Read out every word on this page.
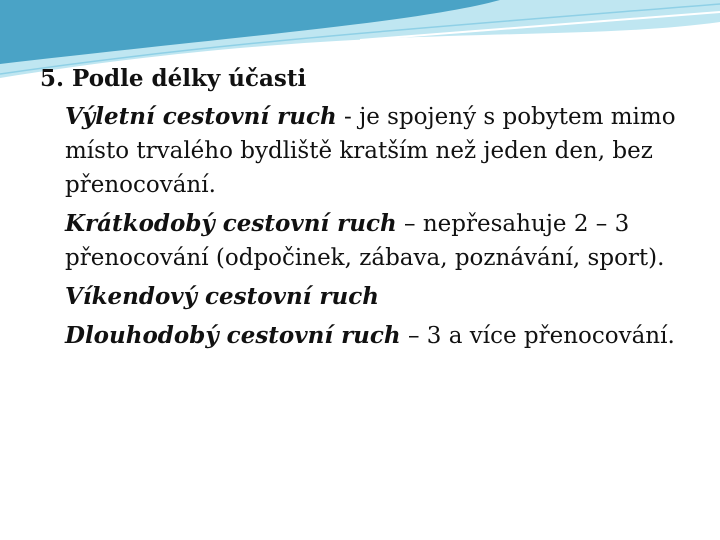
5. Podle délky účasti
Výletní cestovní ruch - je spojený s pobytem mimo místo trvalého bydliště kratším než jeden den, bez přenocování.
Krátkodobý cestovní ruch – nepřesahuje 2 – 3 přenocování (odpočinek, zábava, poznávání, sport).
Víkendový cestovní ruch
Dlouhodobý cestovní ruch – 3 a více přenocování.
